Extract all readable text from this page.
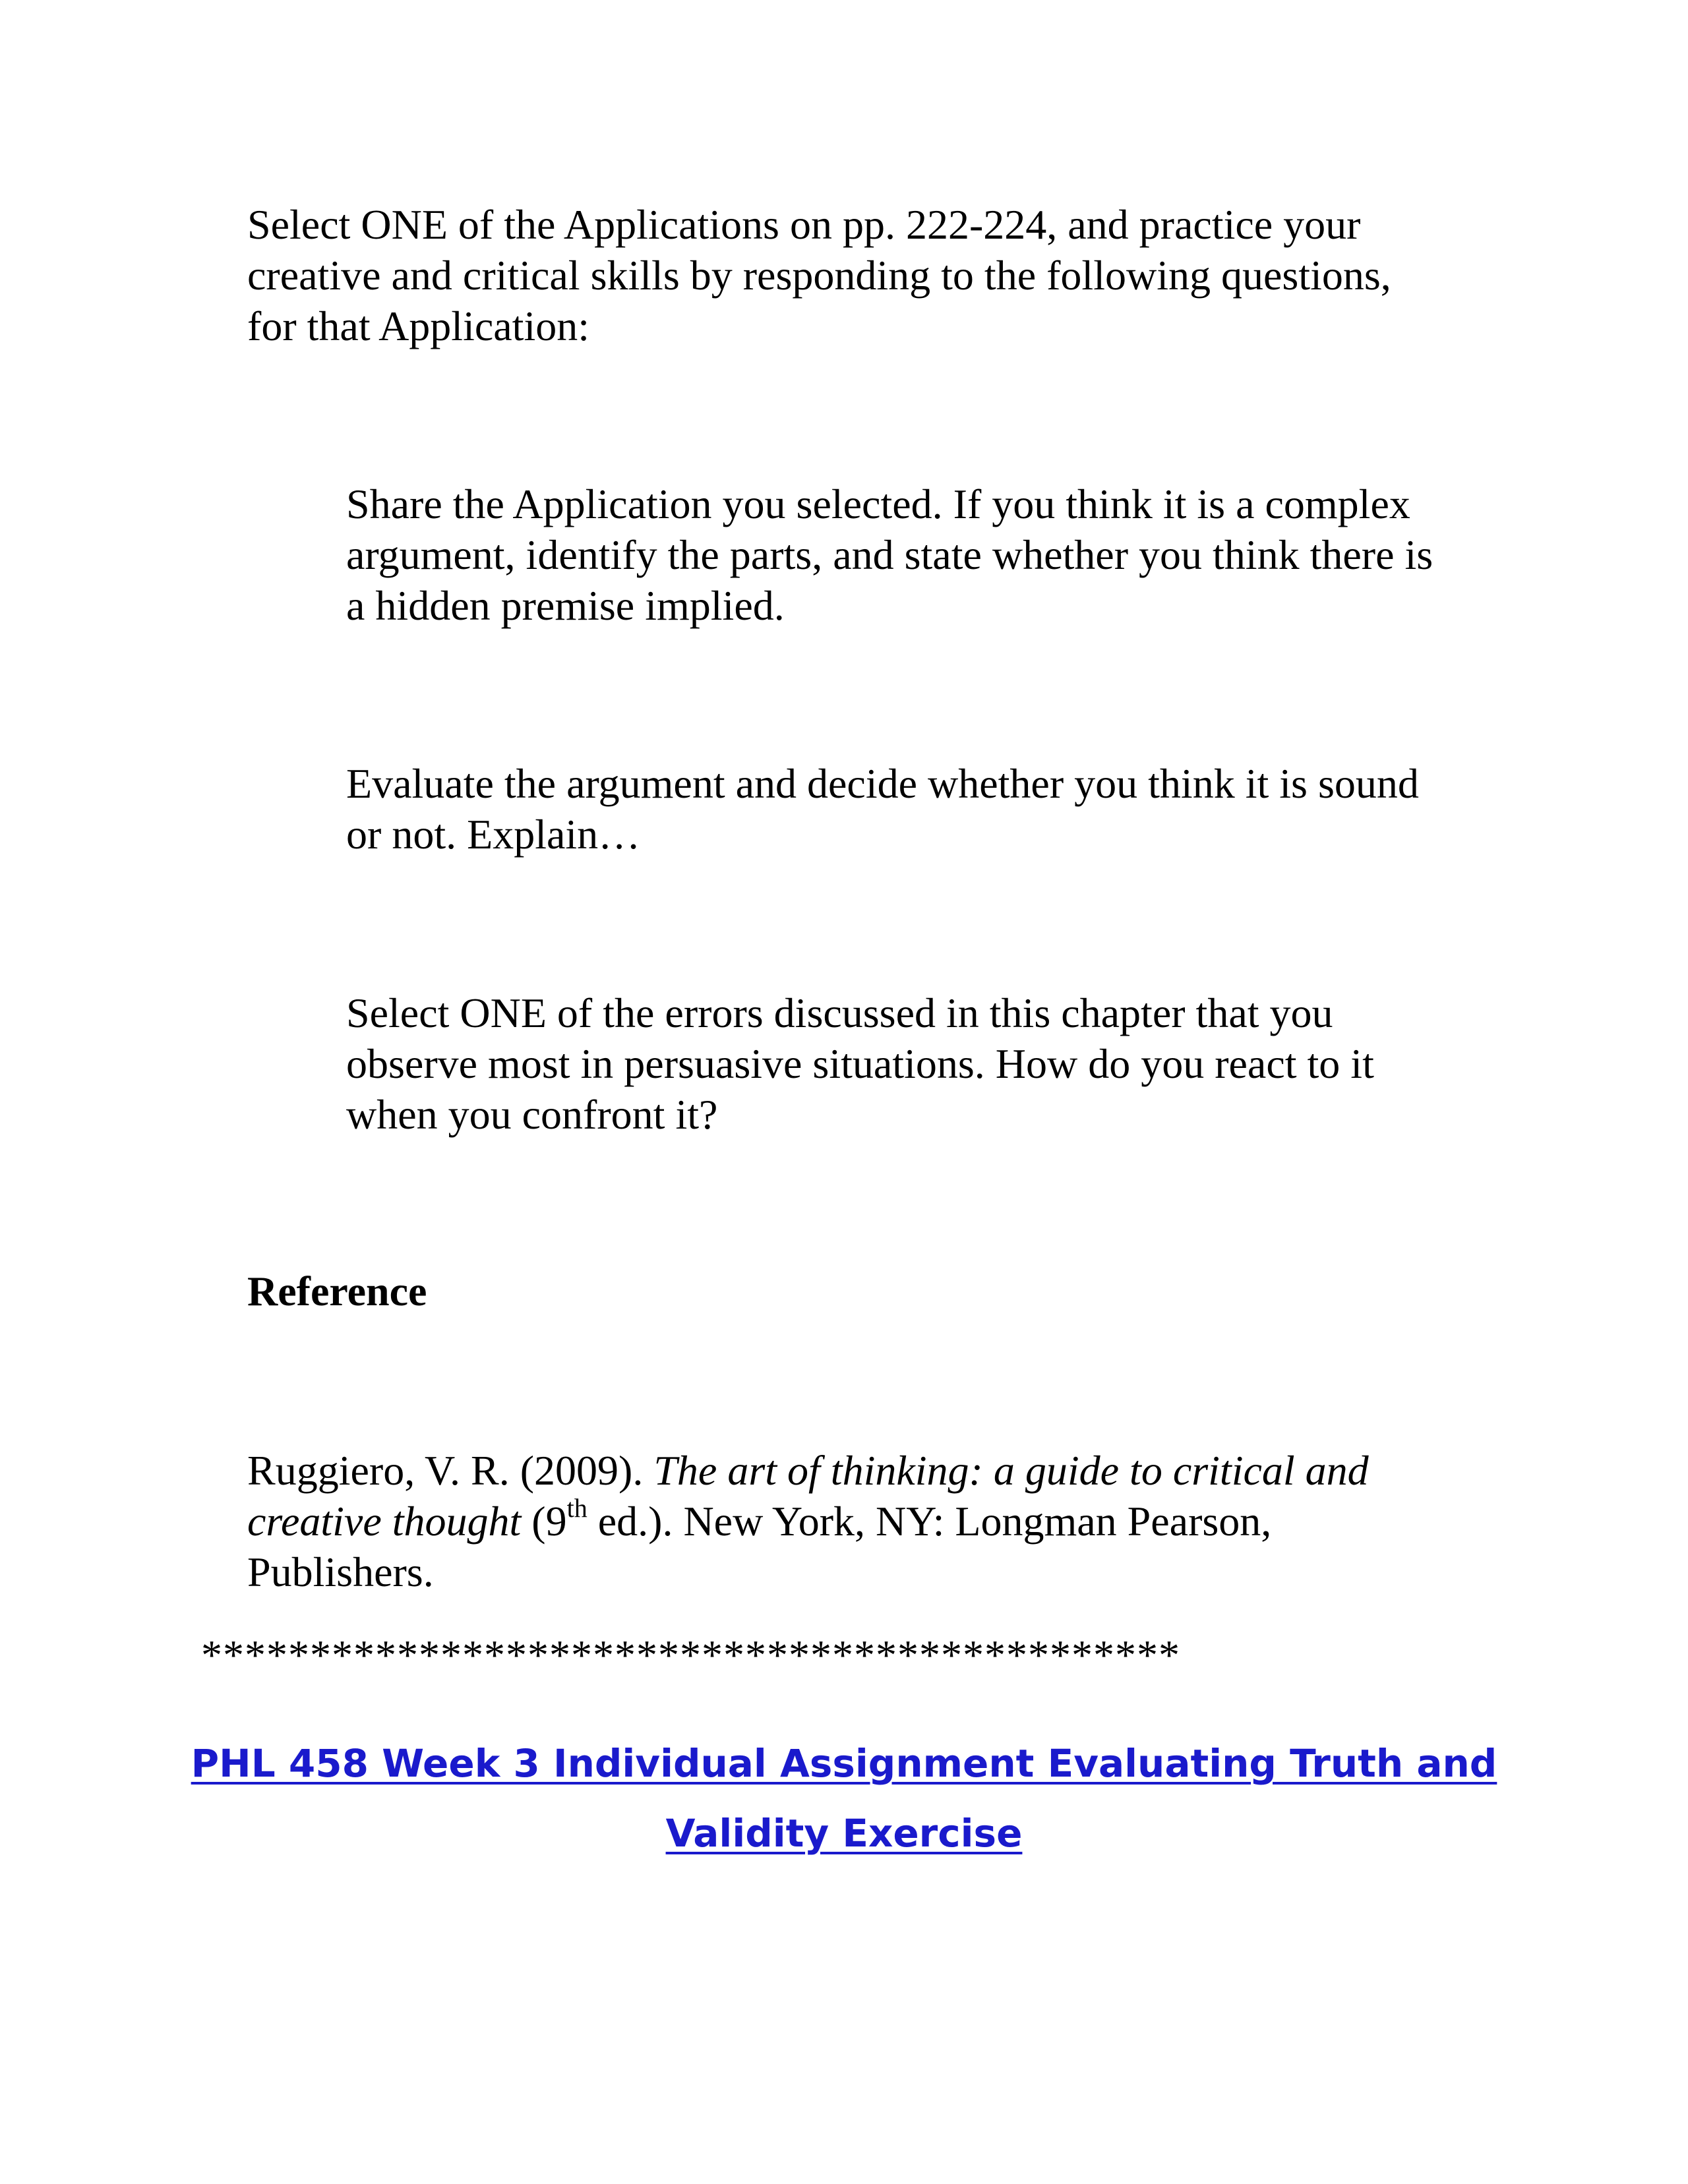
Select ONE of the Applications on pp. 222-224, and practice your
creative and critical skills by responding to the following questions,
for that Application:

Share the Application you selected. If you think it is a complex
argument, identify the parts, and state whether you think there is
a hidden premise implied.

Evaluate the argument and decide whether you think it is sound
or not. Explain…

Select ONE of the errors discussed in this chapter that you
observe most in persuasive situations. How do you react to it
when you confront it?

Reference

Ruggiero, V. R. (2009). The art of thinking: a guide to critical and
creative thought (9th ed.). New York, NY: Longman Pearson,
Publishers.

*********************************************

PHL 458 Week 3 Individual Assignment Evaluating Truth and
Validity Exercise
